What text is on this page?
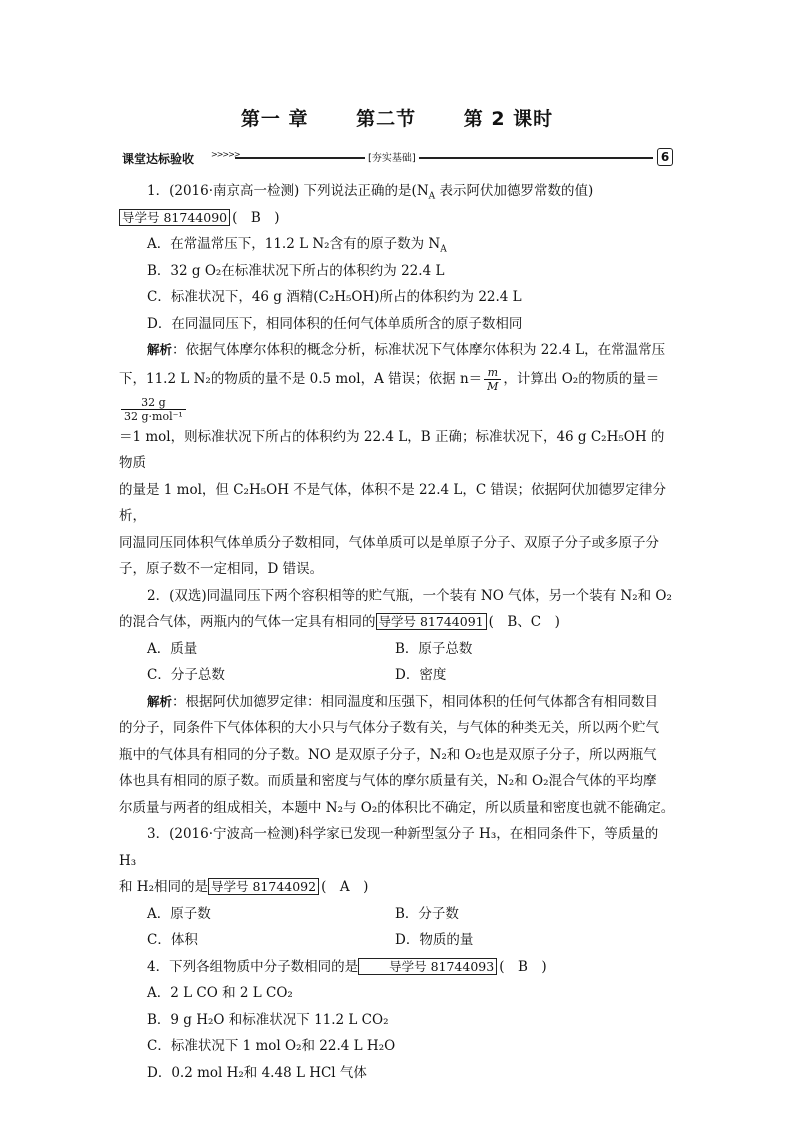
第一 章	第二节	第 2 课时
课堂达标验收 >>>>>	[夯实基础]	6

1．(2016·南京高一检测) 下列说法正确的是($N_A$ 表示阿伏加德罗常数的值)

导学号 81744090 (　B　)

A．在常温常压下，11.2 L N₂含有的原子数为 $N_A$

B．32 g O₂在标准状况下所占的体积约为 22.4 L

C．标准状况下，46 g 酒精(C₂H₅OH)所占的体积约为 22.4 L

D．在同温同压下，相同体积的任何气体单质所含的原子数相同

解析：依据气体摩尔体积的概念分析，标准状况下气体摩尔体积为 22.4 L，在常温常压

下，11.2 L N₂的物质的量不是 0.5 mol，A 错误；依据 $n= \frac{m}{M}$ ，计算出 O₂的物质的量＝
$\frac{32 g}{\text{32 g·mol⁻¹}}$

＝1 mol，则标准状况下所占的体积约为 22.4 L，B 正确；标准状况下，46 g C₂H₅OH 的物质

的量是 1 mol，但 C₂H₅OH 不是气体，体积不是 22.4 L，C 错误；依据阿伏加德罗定律分析，

同温同压同体积气体单质分子数相同，气体单质可以是单原子分子、双原子分子或多原子分

子，原子数不一定相同，D 错误。

2．(双选)同温同压下两个容积相等的贮气瓶，一个装有 NO 气体，另一个装有 N₂和 O₂

的混合气体，两瓶内的气体一定具有相同的 导学号 81744091 (　B、C　)

A．质量	B．原子总数
C．分子总数	D．密度

解析：根据阿伏加德罗定律：相同温度和压强下，相同体积的任何气体都含有相同数目

的分子，同条件下气体体积的大小只与气体分子数有关，与气体的种类无关，所以两个贮气

瓶中的气体具有相同的分子数。NO 是双原子分子，N₂和 O₂也是双原子分子，所以两瓶气

体也具有相同的原子数。而质量和密度与气体的摩尔质量有关，N₂和 O₂混合气体的平均摩

尔质量与两者的组成相关，本题中 N₂与 O₂的体积比不确定，所以质量和密度也就不能确定。

3．(2016·宁波高一检测)科学家已发现一种新型氢分子 H₃，在相同条件下，等质量的 H₃

和 H₂相同的是 导学号 81744092 (　A　)

A．原子数	B．分子数
C．体积	D．物质的量

4．下列各组物质中分子数相同的是 导学号 81744093 (　B　)

A．2 L CO 和 2 L CO₂

B．9 g H₂O 和标准状况下 11.2 L CO₂

C．标准状况下 1 mol O₂和 22.4 L H₂O

D．0.2 mol H₂和 4.48 L HCl 气体
